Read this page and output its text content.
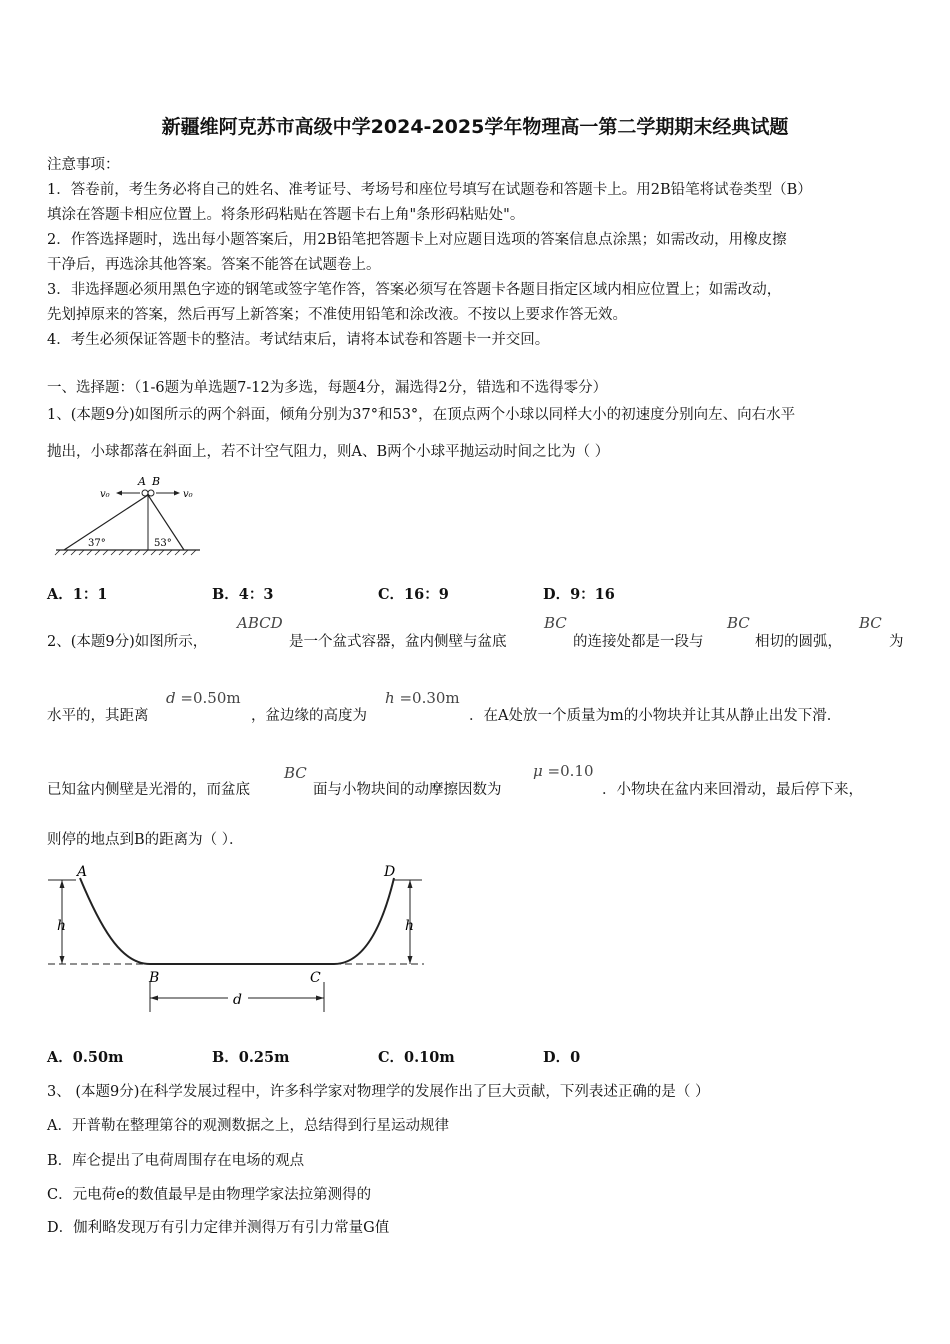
新疆维阿克苏市高级中学2024-2025学年物理高一第二学期期末经典试题
注意事项：
1．答卷前，考生务必将自己的姓名、准考证号、考场号和座位号填写在试题卷和答题卡上。用2B铅笔将试卷类型（B）
填涂在答题卡相应位置上。将条形码粘贴在答题卡右上角"条形码粘贴处"。
2．作答选择题时，选出每小题答案后，用2B铅笔把答题卡上对应题目选项的答案信息点涂黑；如需改动，用橡皮擦
干净后，再选涂其他答案。答案不能答在试题卷上。
3．非选择题必须用黑色字迹的钢笔或签字笔作答，答案必须写在答题卡各题目指定区域内相应位置上；如需改动，
先划掉原来的答案，然后再写上新答案；不准使用铅笔和涂改液。不按以上要求作答无效。
4．考生必须保证答题卡的整洁。考试结束后，请将本试卷和答题卡一并交回。
一、选择题：（1-6题为单选题7-12为多选，每题4分，漏选得2分，错选和不选得零分）
1、(本题9分)如图所示的两个斜面，倾角分别为37°和53°，在顶点两个小球以同样大小的初速度分别向左、向右水平
抛出，小球都落在斜面上，若不计空气阻力，则A、B两个小球平抛运动时间之比为（ ）
A B
v₀	v₀
37°	53°
A．1：1	B．4：3	C．16：9	D．9：16
2、(本题9分)如图所示，
ABCD
是一个盆式容器，盆内侧壁与盆底
BC
的连接处都是一段与
BC
相切的圆弧，
BC
为
水平的，其距离
d =0.50m
，盆边缘的高度为
h =0.30m
．在A处放一个质量为m的小物块并让其从静止出发下滑．
已知盆内侧壁是光滑的，而盆底
BC
面与小物块间的动摩擦因数为
μ =0.10
．小物块在盆内来回滑动，最后停下来，
则停的地点到B的距离为（ ）．
A
B	C
D
h	h
d
A．0.50m	B．0.25m	C．0.10m	D．0
3、 (本题9分)在科学发展过程中，许多科学家对物理学的发展作出了巨大贡献，下列表述正确的是（ ）
A．开普勒在整理第谷的观测数据之上，总结得到行星运动规律
B．库仑提出了电荷周围存在电场的观点
C．元电荷e的数值最早是由物理学家法拉第测得的
D．伽利略发现万有引力定律并测得万有引力常量G值
